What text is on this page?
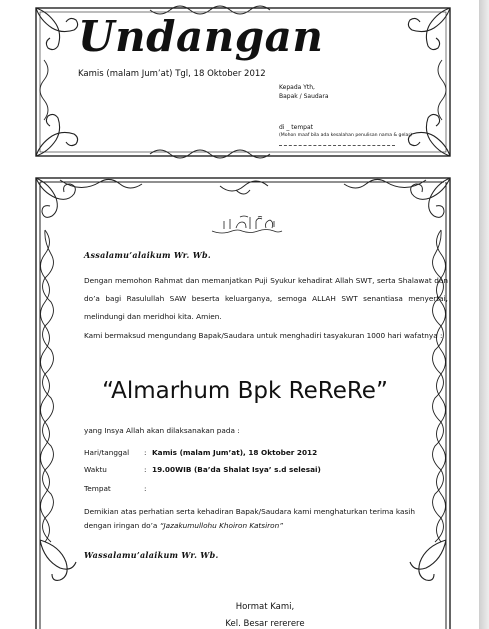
Undangan
Kamis (malam Jum’at) Tgl, 18 Oktober 2012
Kepada Yth,
Bapak / Saudara
di _ tempat
(Mohon maaf bila ada kesalahan penulisan nama & gelar)
Assalamu’alaikum Wr. Wb.
Dengan memohon Rahmat dan memanjatkan Puji Syukur kehadirat Allah SWT, serta Shalawat dan do’a bagi Rasulullah SAW beserta keluarganya, semoga ALLAH SWT senantiasa menyertai, melindungi dan meridhoi kita. Amien.
Kami bermaksud mengundang Bapak/Saudara untuk menghadiri tasyakuran 1000 hari wafatnya :
“Almarhum Bpk ReReRe”
yang Insya Allah akan dilaksanakan pada :
Hari/tanggal : Kamis (malam Jum’at), 18 Oktober 2012
Waktu	: 19.00WIB (Ba’da Shalat Isya’ s.d selesai)
Tempat	:
Demikian atas perhatian serta kehadiran Bapak/Saudara kami menghaturkan terima kasih
dengan iringan do’a “Jazakumullohu Khoiron Katsiron”
Wassalamu’alaikum Wr. Wb.
Hormat Kami,
Kel. Besar rererere
